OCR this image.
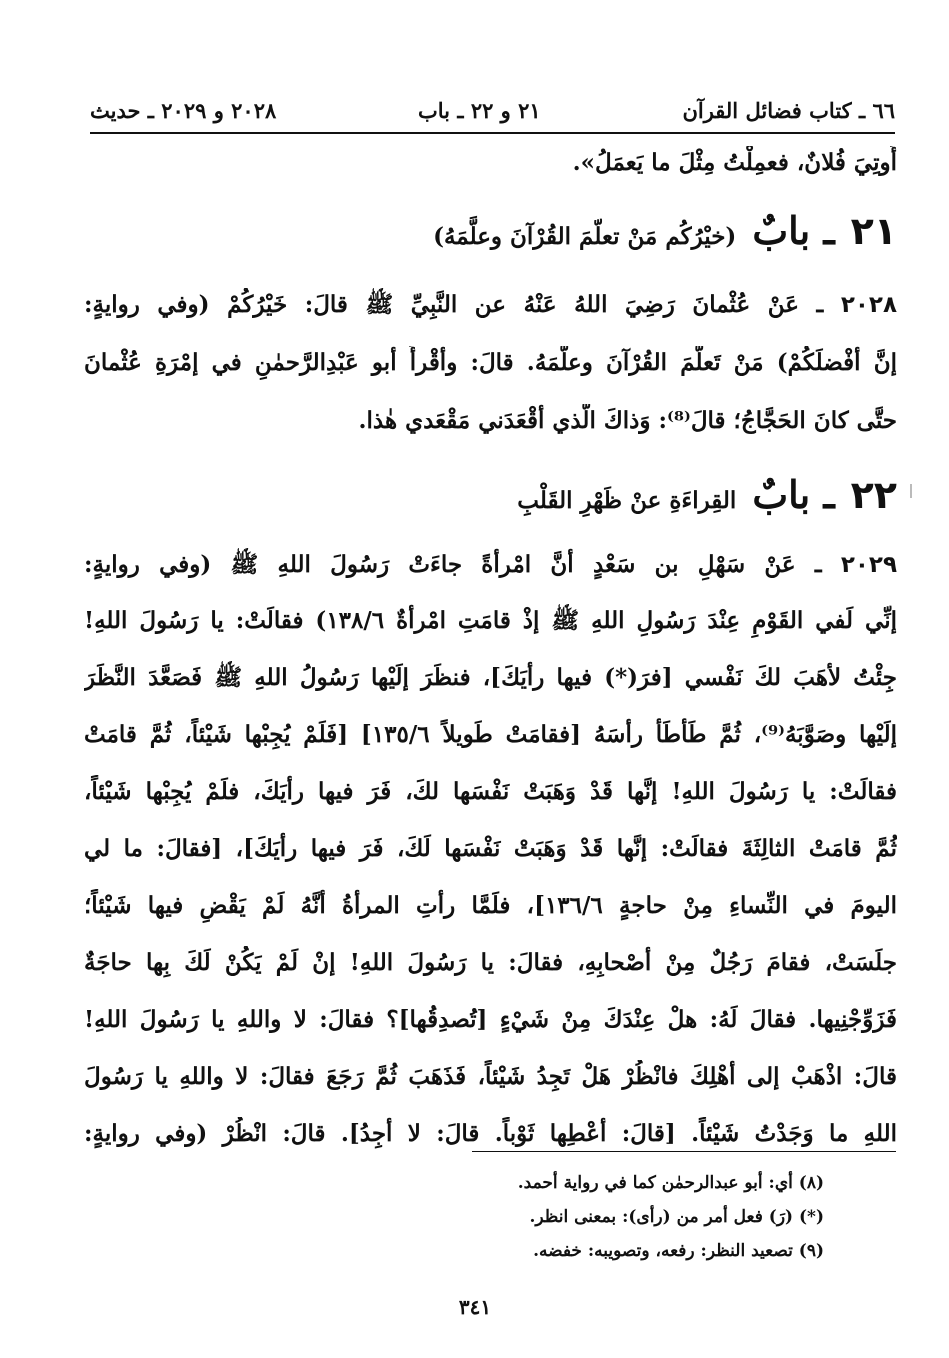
٦٦ ـ كتاب فضائل القرآن
٢١ و ٢٢ ـ باب
٢٠٢٨ و ٢٠٢٩ ـ حديث
أُوتِيَ فُلانٌ، فعمِلْتُ مِثْلَ ما يَعمَلُ».
٢١
ـ بابٌ
(خيْرُكُم مَنْ تعلّمَ القُرْآنَ وعلَّمَهُ)
٢٠٢٨ ـ عَنْ عُثْمانَ رَضِيَ اللهُ عَنْهُ عن النَّبِيِّ ﷺ قالَ: خَيْرُكُمْ (وفي روايةٍ:
إنَّ أفْضلَكُمْ) مَنْ تَعلَّمَ القُرْآنَ وعلَّمَهُ. قالَ: وأقْرأَ أبو عَبْدِالرَّحمٰنِ في إمْرَةِ عُثْمانَ
حتَّى كانَ الحَجَّاجُ؛ قالَ⁽⁸⁾: وَذاكَ الَّذي أقْعَدَني مَقْعَدي هٰذا.
٢٢
ـ بابٌ
القِراءَةِ عنْ ظَهْرِ القَلْبِ
٢٠٢٩ ـ عَنْ سَهْلِ بن سَعْدٍ أنَّ امْرأةً جاءَتْ رَسُولَ اللهِ ﷺ (وفي روايةٍ:
إنِّي لَفي القَوْمِ عِنْدَ رَسُولِ اللهِ ﷺ إذْ قامَتِ امْرأةٌ ١٣٨/٦) فقالَتْ: يا رَسُولَ اللهِ!
جِئْتُ لأهَبَ لكَ نَفْسي [فرَ(*) فيها رأيَكَ]، فنظَرَ إلَيْها رَسُولُ اللهِ ﷺ فَصَعَّدَ النَّظَرَ
إلَيْها وصَوَّبَهُ⁽⁹⁾، ثُمَّ طَأْطَأَ رأسَهُ [فقامَتْ طَويلاً ١٣٥/٦] [فَلَمْ يُجِبْها شَيْئاً، ثُمَّ قامَتْ
فقالَتْ: يا رَسُولَ اللهِ! إنَّها قَدْ وَهَبَتْ نَفْسَها لكَ، فَرَ فيها رأيَكَ، فلَمْ يُجِبْها شَيْئاً،
ثُمَّ قامَتْ الثالِثَةَ فقالَتْ: إنَّها قَدْ وَهَبَتْ نَفْسَها لَكَ، فَرَ فيها رأيَكَ]، [فقالَ: ما لي
اليومَ في النِّساءِ مِنْ حاجةٍ ١٣٦/٦]، فلَمَّا رأتِ المرأةُ أنَّهُ لَمْ يَقْضِ فيها شَيْئاً؛
جلَسَتْ، فقامَ رَجُلٌ مِنْ أصْحابِهِ، فقالَ: يا رَسُولَ اللهِ! إنْ لَمْ يَكُنْ لَكَ بِها حاجَةٌ
فَزَوِّجْنِيها. فقالَ لَهُ: هلْ عِنْدَكَ مِنْ شَيْءٍ [تُصدِقُها]؟ فقالَ: لا واللهِ يا رَسُولَ اللهِ!
قالَ: اذْهَبْ إلى أهْلِكَ فانْظُرْ هَلْ تَجِدُ شَيْئاً، فَذَهَبَ ثُمَّ رَجَعَ فقالَ: لا واللهِ يا رَسُولَ
اللهِ ما وَجَدْتُ شَيْئاً. [قالَ: أعْطِها ثَوْباً. قالَ: لا أجِدُ]. قالَ: انْظُرْ (وفي روايةٍ:
(٨) أي: أبو عبدالرحمٰن كما في رواية أحمد.
(*) (رَ) فعل أمر من (رأى): بمعنى انظر.
(٩) تصعيد النظر: رفعه، وتصويبه: خفضه.
٣٤١
